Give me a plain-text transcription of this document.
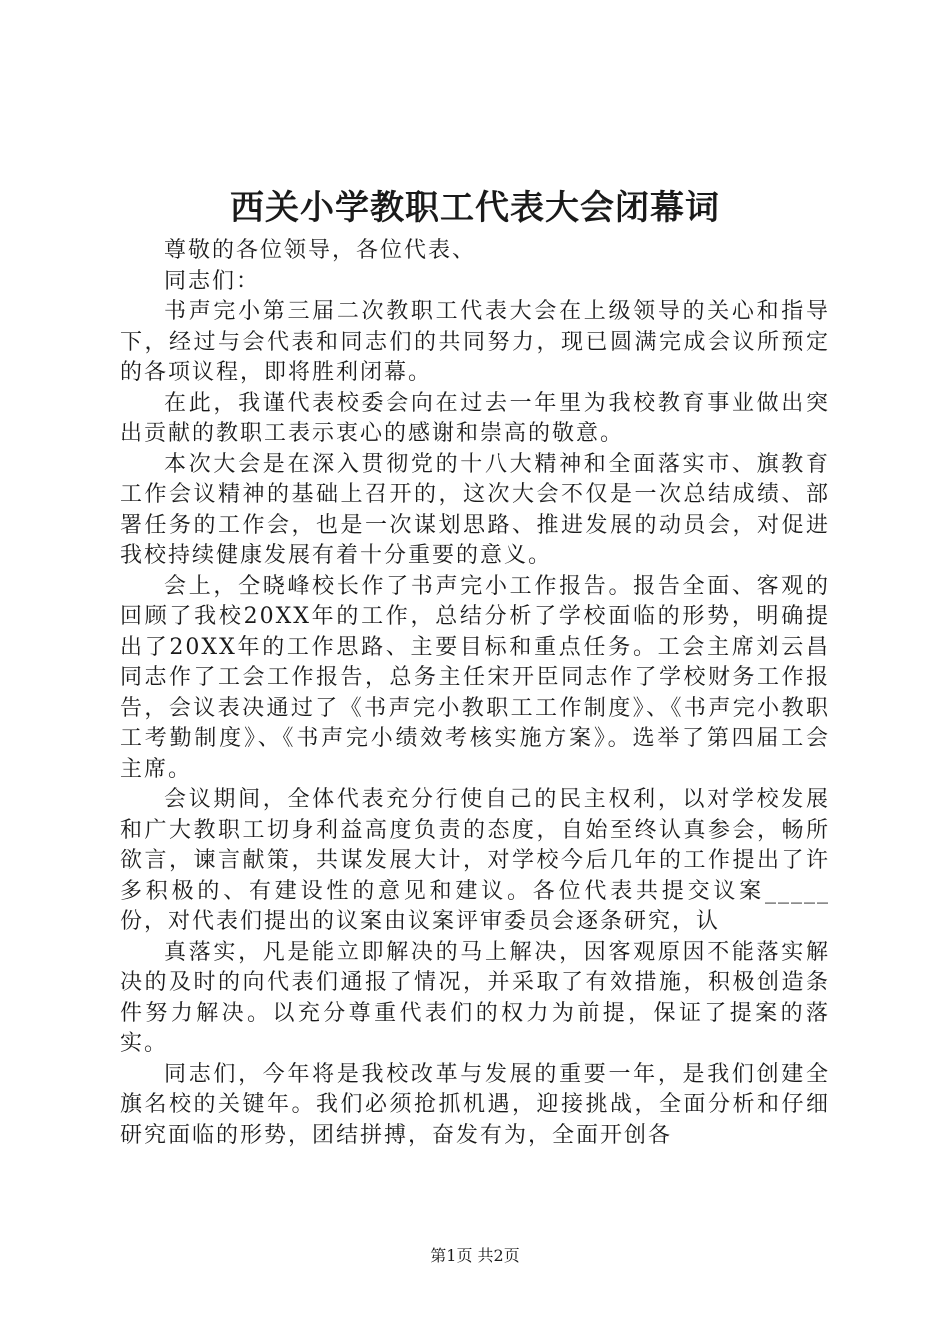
西关小学教职工代表大会闭幕词

尊敬的各位领导，各位代表、

同志们：

书声完小第三届二次教职工代表大会在上级领导的关心和指导下，经过与会代表和同志们的共同努力，现已圆满完成会议所预定的各项议程，即将胜利闭幕。

在此，我谨代表校委会向在过去一年里为我校教育事业做出突出贡献的教职工表示衷心的感谢和崇高的敬意。

本次大会是在深入贯彻党的十八大精神和全面落实市、旗教育工作会议精神的基础上召开的，这次大会不仅是一次总结成绩、部署任务的工作会，也是一次谋划思路、推进发展的动员会，对促进我校持续健康发展有着十分重要的意义。

会上，仝晓峰校长作了书声完小工作报告。报告全面、客观的回顾了我校20XX年的工作，总结分析了学校面临的形势，明确提出了20XX年的工作思路、主要目标和重点任务。工会主席刘云昌同志作了工会工作报告，总务主任宋开臣同志作了学校财务工作报告，会议表决通过了《书声完小教职工工作制度》、《书声完小教职工考勤制度》、《书声完小绩效考核实施方案》。选举了第四届工会主席。

会议期间，全体代表充分行使自己的民主权利，以对学校发展和广大教职工切身利益高度负责的态度，自始至终认真参会，畅所欲言，谏言献策，共谋发展大计，对学校今后几年的工作提出了许多积极的、有建设性的意见和建议。各位代表共提交议案_____份，对代表们提出的议案由议案评审委员会逐条研究，认

真落实，凡是能立即解决的马上解决，因客观原因不能落实解决的及时的向代表们通报了情况，并采取了有效措施，积极创造条件努力解决。以充分尊重代表们的权力为前提，保证了提案的落实。

同志们，今年将是我校改革与发展的重要一年，是我们创建全旗名校的关键年。我们必须抢抓机遇，迎接挑战，全面分析和仔细研究面临的形势，团结拼搏，奋发有为，全面开创各

第1页 共2页
